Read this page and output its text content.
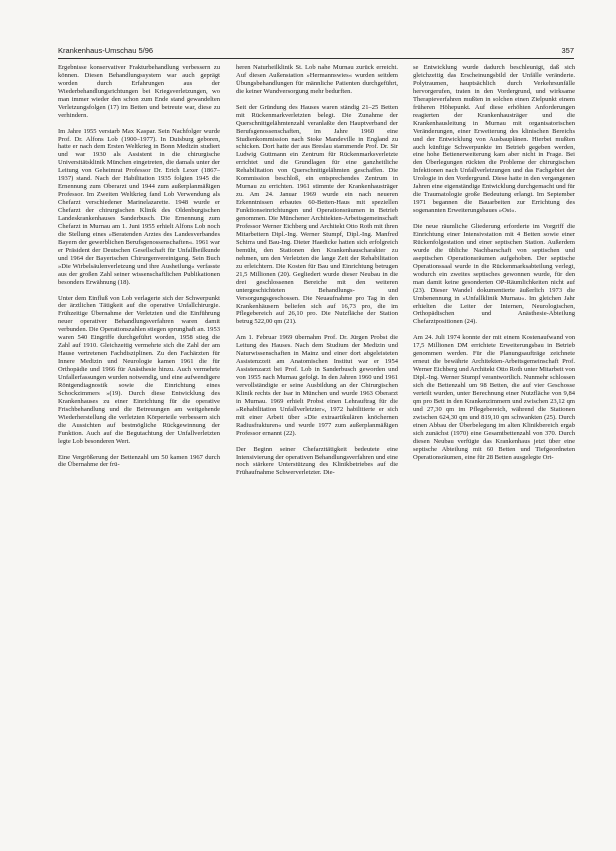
Krankenhaus-Umschau 5/96	357

Ergebnisse konservativer Frakturbehandlung verbessern zu können. Diesen Behandlungssystem war auch geprägt worden durch Erfahrungen aus der Wiederbehandlungsrichtungen bei Kriegsverletzungen, wo man immer wieder den schon zum Ende stand gewandelten Verletzungsfolgen (17) im Betten und betreute war, diese zu verhindern.

Im Jahre 1955 verstarb Max Kaspar. Sein Nachfolger wurde Prof. Dr. Alfons Lob (1900–1977). In Duisburg geboren, hatte er nach dem Ersten Weltkrieg in Bonn Medizin studiert und war 1930 als Assistent in die chirurgische Universitätsklinik München eingetreten, die damals unter der Leitung von Geheimrat Professor Dr. Erich Lexer (1867–1937) stand. Nach der Habilitation 1935 folgten 1945 die Ernennung zum Oberarzt und 1944 zum außerplanmäßigen Professor. Im Zweiten Weltkrieg fand Lob Verwendung als Chefarzt verschiedener Marinelazarette. 1948 wurde er Chefarzt der chirurgischen Klinik des Oldenburgischen Landeskrankenhauses Sanderbusch. Die Ernennung zum Chefarzt in Murnau am 1. Juni 1955 erhielt Alfons Lob noch die Stellung eines »Beratenden Arztes des Landesverbandes Bayern der gewerblichen Berufsgenossenschaften«. 1961 war er Präsident der Deutschen Gesellschaft für Unfallheilkunde und 1964 der Bayerischen Chirurgenvereinigung. Sein Buch »Die Wirbelsäulenverletzung und ihre Ausheilung« verfasste aus der großen Zahl seiner wissenschaftlichen Publikationen besonders Erwähnung (18).

Unter dem Einfluß von Lob verlagerte sich der Schwerpunkt der ärztlichen Tätigkeit auf die operative Unfallchirurgie. Frühzeitige Übernahme der Verletzten und die Einführung neuer operativer Behandlungsverfahren waren damit verbunden. Die Operationszahlen stiegen sprunghaft an. 1953 waren 540 Eingriffe durchgeführt worden, 1958 stieg die Zahl auf 1910. Gleichzeitig vermehrte sich die Zahl der am Hause vertretenen Fachdisziplinen. Zu den Fachärzten für Innere Medizin und Neurologie kamen 1961 die für Orthopädie und 1966 für Anästhesie hinzu. Auch vermehrte Unfallerfassungen wurden notwendig, und eine aufwendigere Röntgendiagnostik sowie die Einrichtung eines Schockzimmers »(19). Durch diese Entwicklung des Krankenhauses zu einer Einrichtung für die operative Frischbehandlung und die Betreuungen am weitgehende Wiederherstellung die verletzten Körperteile verbessern sich die Aussichten auf bestmögliche Rückgewinnung der Funktion. Auch auf die Begutachtung der Unfallverletzten legte Lob besonderen Wert.

Eine Vergrößerung der Bettenzahl um 50 kamen 1967 durch die Übernahme der frü-

heren Naturheilklinik St. Lob nahe Murnau zurück erreicht. Auf diesen Außenstation »Hermannswies« wurden seitdem Übungsbehandlungen für männliche Patienten durchgeführt, die keiner Wundversorgung mehr bedurften.

Seit der Gründung des Hauses waren ständig 21–25 Betten mit Rückenmarkverletzten belegt. Die Zunahme der Querschnittgelähmtenzahl veranlaßte den Hauptverband der Berufsgenossenschaften, im Jahre 1960 eine Studienkommission nach Stoke Mandeville in England zu schicken. Dort hatte der aus Breslau stammende Prof. Dr. Sir Ludwig Guttmann ein Zentrum für Rückenmarksverletzte errichtet und die Grundlagen für eine ganzheitliche Rehabilitation von Querschnittgelähmten geschaffen. Die Kommission beschloß, ein entsprechendes Zentrum in Murnau zu errichten. 1961 stimmte der Krankenhausträger zu. Am 24. Januar 1969 wurde ein nach neueren Erkenntnissen erbautes 60-Betten-Haus mit speziellen Funktionseinrichtungen und Operationsräumen in Betrieb genommen. Die Münchener Architekten-Arbeitsgemeinschaft Professor Werner Eichberg und Architekt Otto Roth mit ihren Mitarbeitern Dipl.-Ing. Werner Stumpf, Dipl.-Ing. Manfred Schirra und Bau-Ing. Dieter Haedicke hatten sich erfolgreich bemüht, den Stationen den Krankenhauscharakter zu nehmen, um den Verletzten die lange Zeit der Rehabilitation zu erleichtern. Die Kosten für Bau und Einrichtung betrugen 21,5 Millionen (20). Gegliedert wurde dieser Neubau in die drei geschlossenen Bereiche mit den weiteren untergeschichteten Behandlungs- und Versorgungsgeschossen. Die Neuaufnahme pro Tag in den Krankenhäusern beliefen sich auf 16,73 pro, die im Pflegebereich auf 26,10 pro. Die Nutzfläche der Station betrug 522,00 qm (21).

Am 1. Februar 1969 übernahm Prof. Dr. Jürgen Probst die Leitung des Hauses. Nach dem Studium der Medizin und Naturwissenschaften in Mainz und einer dort abgeleisteten Assistenzzeit am Anatomischen Institut war er 1954 Assistenzarzt bei Prof. Lob in Sanderbusch geworden und von 1955 nach Murnau gefolgt. In den Jahren 1960 und 1961 vervollständigte er seine Ausbildung an der Chirurgischen Klinik rechts der Isar in München und wurde 1963 Oberarzt in Murnau. 1969 erhielt Probst einen Lehrauftrag für die »Rehabilitation Unfallverletzter«, 1972 habilitierte er sich mit einer Arbeit über »Die extraartikulären knöchernen Radiusfrakturen« und wurde 1977 zum außerplanmäßigen Professor ernannt (22).

Der Beginn seiner Chefarzttätigkeit bedeutete eine Intensivierung der operativen Behandlungsverfahren und eine noch stärkere Unterstützung des Klinikbetriebes auf die Frühaufnahme Schwerverletzter. Die-

se Entwicklung wurde dadurch beschleunigt, daß sich gleichzeitig das Erscheinungsbild der Unfälle veränderte. Polytraumen, hauptsächlich durch Verkehrsunfälle hervorgerufen, traten in den Vordergrund, und wirksame Therapieverfahren mußten in solchen einen Zielpunkt einem früheren Höhepunkt. Auf diese erhöhten Anforderungen reagierten der Krankenhausträger und die Krankenhausleitung in Murnau mit organisatorischen Veränderungen, einer Erweiterung des klinischen Bereichs und der Entwicklung von Ausbauplänen. Hierbei mußten auch künftige Schwerpunkte im Betrieb gegeben werden, eine hohe Bettenerweiterung kam aber nicht in Frage. Bei den Überlegungen rückten die Probleme der chirurgischen Infektionen nach Unfallverletzungen und das Fachgebiet der Urologie in den Vordergrund. Diese hatte in den vergangenen Jahren eine eigenständige Entwicklung durchgemacht und für die Traumatologie große Bedeutung erlangt. Im September 1971 begannen die Bauarbeiten zur Errichtung des sogenannten Erweiterungsbaues »Ost«.

Die neue räumliche Gliederung erforderte im Vorgriff die Einrichtung einer Intensivstation mit 4 Betten sowie einer Rückenfolgestation und einer septischen Station. Außerdem wurde die übliche Nachbarschaft von septischen und aseptischen Operationsräumen aufgehoben. Der septische Operationssaal wurde in die Rückenmarksabteilung verlegt, wodurch ein zweites septisches gewonnen wurde, für den man damit keine gesonderten OP-Räumlichkeiten nicht auf (23). Dieser Wandel dokumentierte äußerlich 1973 die Umbenennung in »Unfallklinik Murnau«. Im gleichen Jahr erhielten die Leiter der Internen, Neurologischen, Orthopädischen und Anästhesie-Abteilung Chefarztpositionen (24).

Am 24. Juli 1974 konnte der mit einem Kostenaufwand von 17,5 Millionen DM errichtete Erweiterungsbau in Betrieb genommen werden. Für die Planungsaufträge zeichnete erneut die bewährte Architekten-Arbeitsgemeinschaft Prof. Werner Eichberg und Architekt Otto Roth unter Mitarbeit von Dipl.-Ing. Werner Stumpf verantwortlich. Nunmehr schlossen sich die Bettenzahl um 98 Betten, die auf vier Geschosse verteilt wurden, unter Berechnung einer Nutzfläche von 9,84 qm pro Bett in den Krankenzimmern und zwischen 23,12 qm und 27,30 qm im Pflegebereich, während die Stationen zwischen 624,30 qm und 819,10 qm schwankten (25). Durch einen Abbau der Überbelegung im alten Klinikbereich ergab sich zunächst (1970) eine Gesamtbettenzahl von 370. Durch diesen Neubau verfügte das Krankenhaus jetzt über eine septische Abteilung mit 60 Betten und Tiefgeordneten Operationsräumen, eine für 28 Betten ausgelegte Ort-
